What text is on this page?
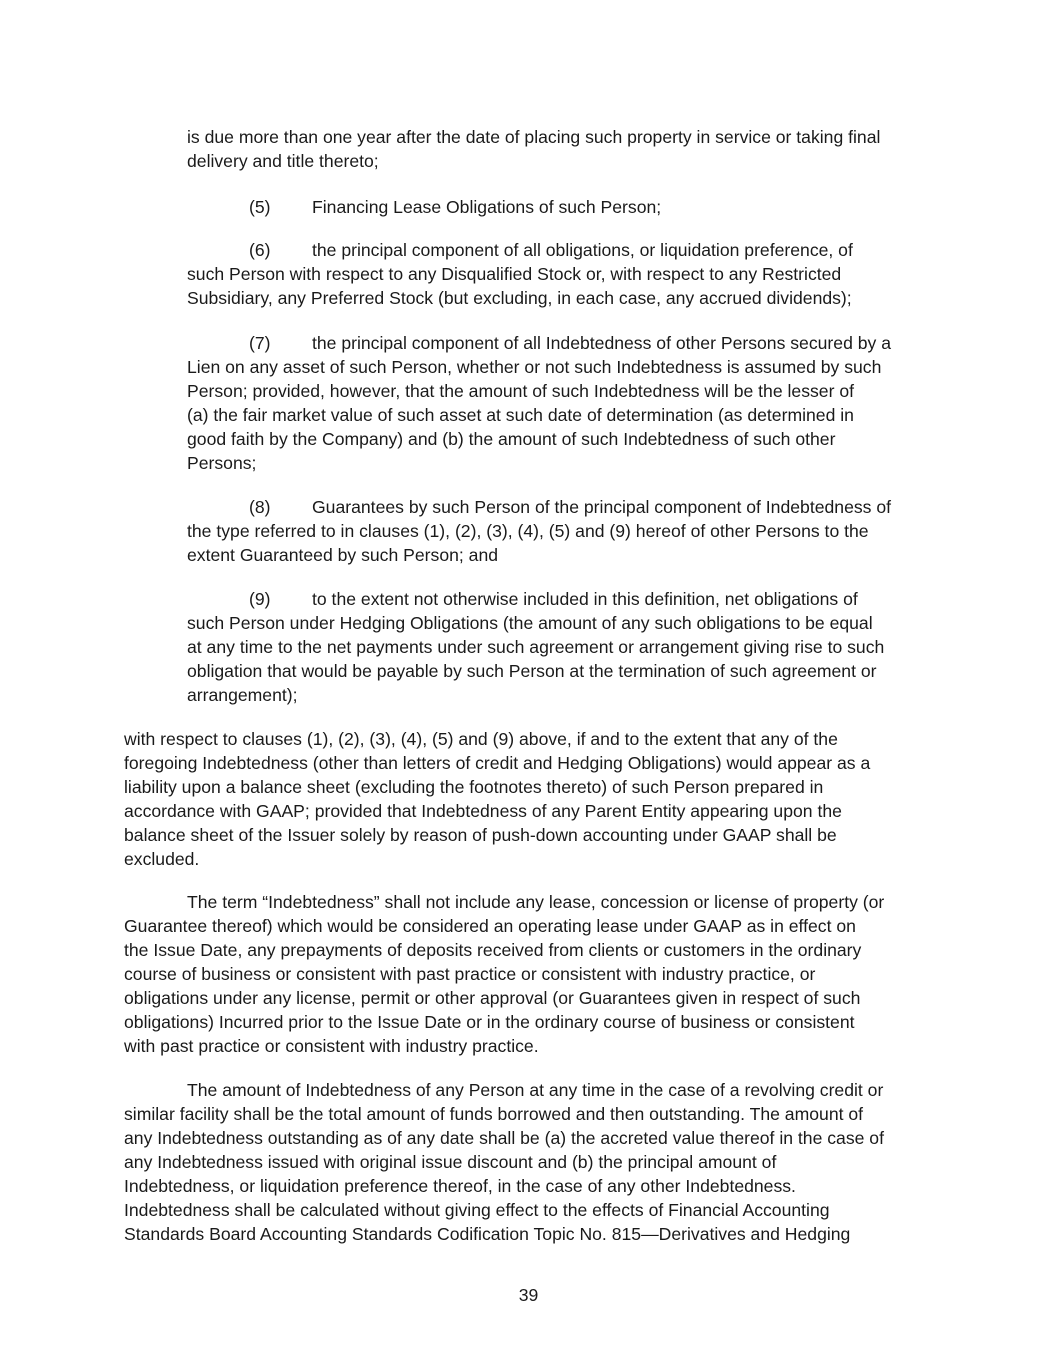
is due more than one year after the date of placing such property in service or taking final

delivery and title thereto;

(5) Financing Lease Obligations of such Person;

(6) the principal component of all obligations, or liquidation preference, of

such Person with respect to any Disqualified Stock or, with respect to any Restricted

Subsidiary, any Preferred Stock (but excluding, in each case, any accrued dividends);

(7) the principal component of all Indebtedness of other Persons secured by a

Lien on any asset of such Person, whether or not such Indebtedness is assumed by such

Person; provided, however, that the amount of such Indebtedness will be the lesser of

(a) the fair market value of such asset at such date of determination (as determined in

good faith by the Company) and (b) the amount of such Indebtedness of such other

Persons;

(8) Guarantees by such Person of the principal component of Indebtedness of

the type referred to in clauses (1), (2), (3), (4), (5) and (9) hereof of other Persons to the

extent Guaranteed by such Person; and

(9) to the extent not otherwise included in this definition, net obligations of

such Person under Hedging Obligations (the amount of any such obligations to be equal

at any time to the net payments under such agreement or arrangement giving rise to such

obligation that would be payable by such Person at the termination of such agreement or

arrangement);

with respect to clauses (1), (2), (3), (4), (5) and (9) above, if and to the extent that any of the

foregoing Indebtedness (other than letters of credit and Hedging Obligations) would appear as a

liability upon a balance sheet (excluding the footnotes thereto) of such Person prepared in

accordance with GAAP; provided that Indebtedness of any Parent Entity appearing upon the

balance sheet of the Issuer solely by reason of push-down accounting under GAAP shall be

excluded.

The term “Indebtedness” shall not include any lease, concession or license of property (or

Guarantee thereof) which would be considered an operating lease under GAAP as in effect on

the Issue Date, any prepayments of deposits received from clients or customers in the ordinary

course of business or consistent with past practice or consistent with industry practice, or

obligations under any license, permit or other approval (or Guarantees given in respect of such

obligations) Incurred prior to the Issue Date or in the ordinary course of business or consistent

with past practice or consistent with industry practice.

The amount of Indebtedness of any Person at any time in the case of a revolving credit or

similar facility shall be the total amount of funds borrowed and then outstanding. The amount of

any Indebtedness outstanding as of any date shall be (a) the accreted value thereof in the case of

any Indebtedness issued with original issue discount and (b) the principal amount of

Indebtedness, or liquidation preference thereof, in the case of any other Indebtedness.

Indebtedness shall be calculated without giving effect to the effects of Financial Accounting

Standards Board Accounting Standards Codification Topic No. 815—Derivatives and Hedging

39
